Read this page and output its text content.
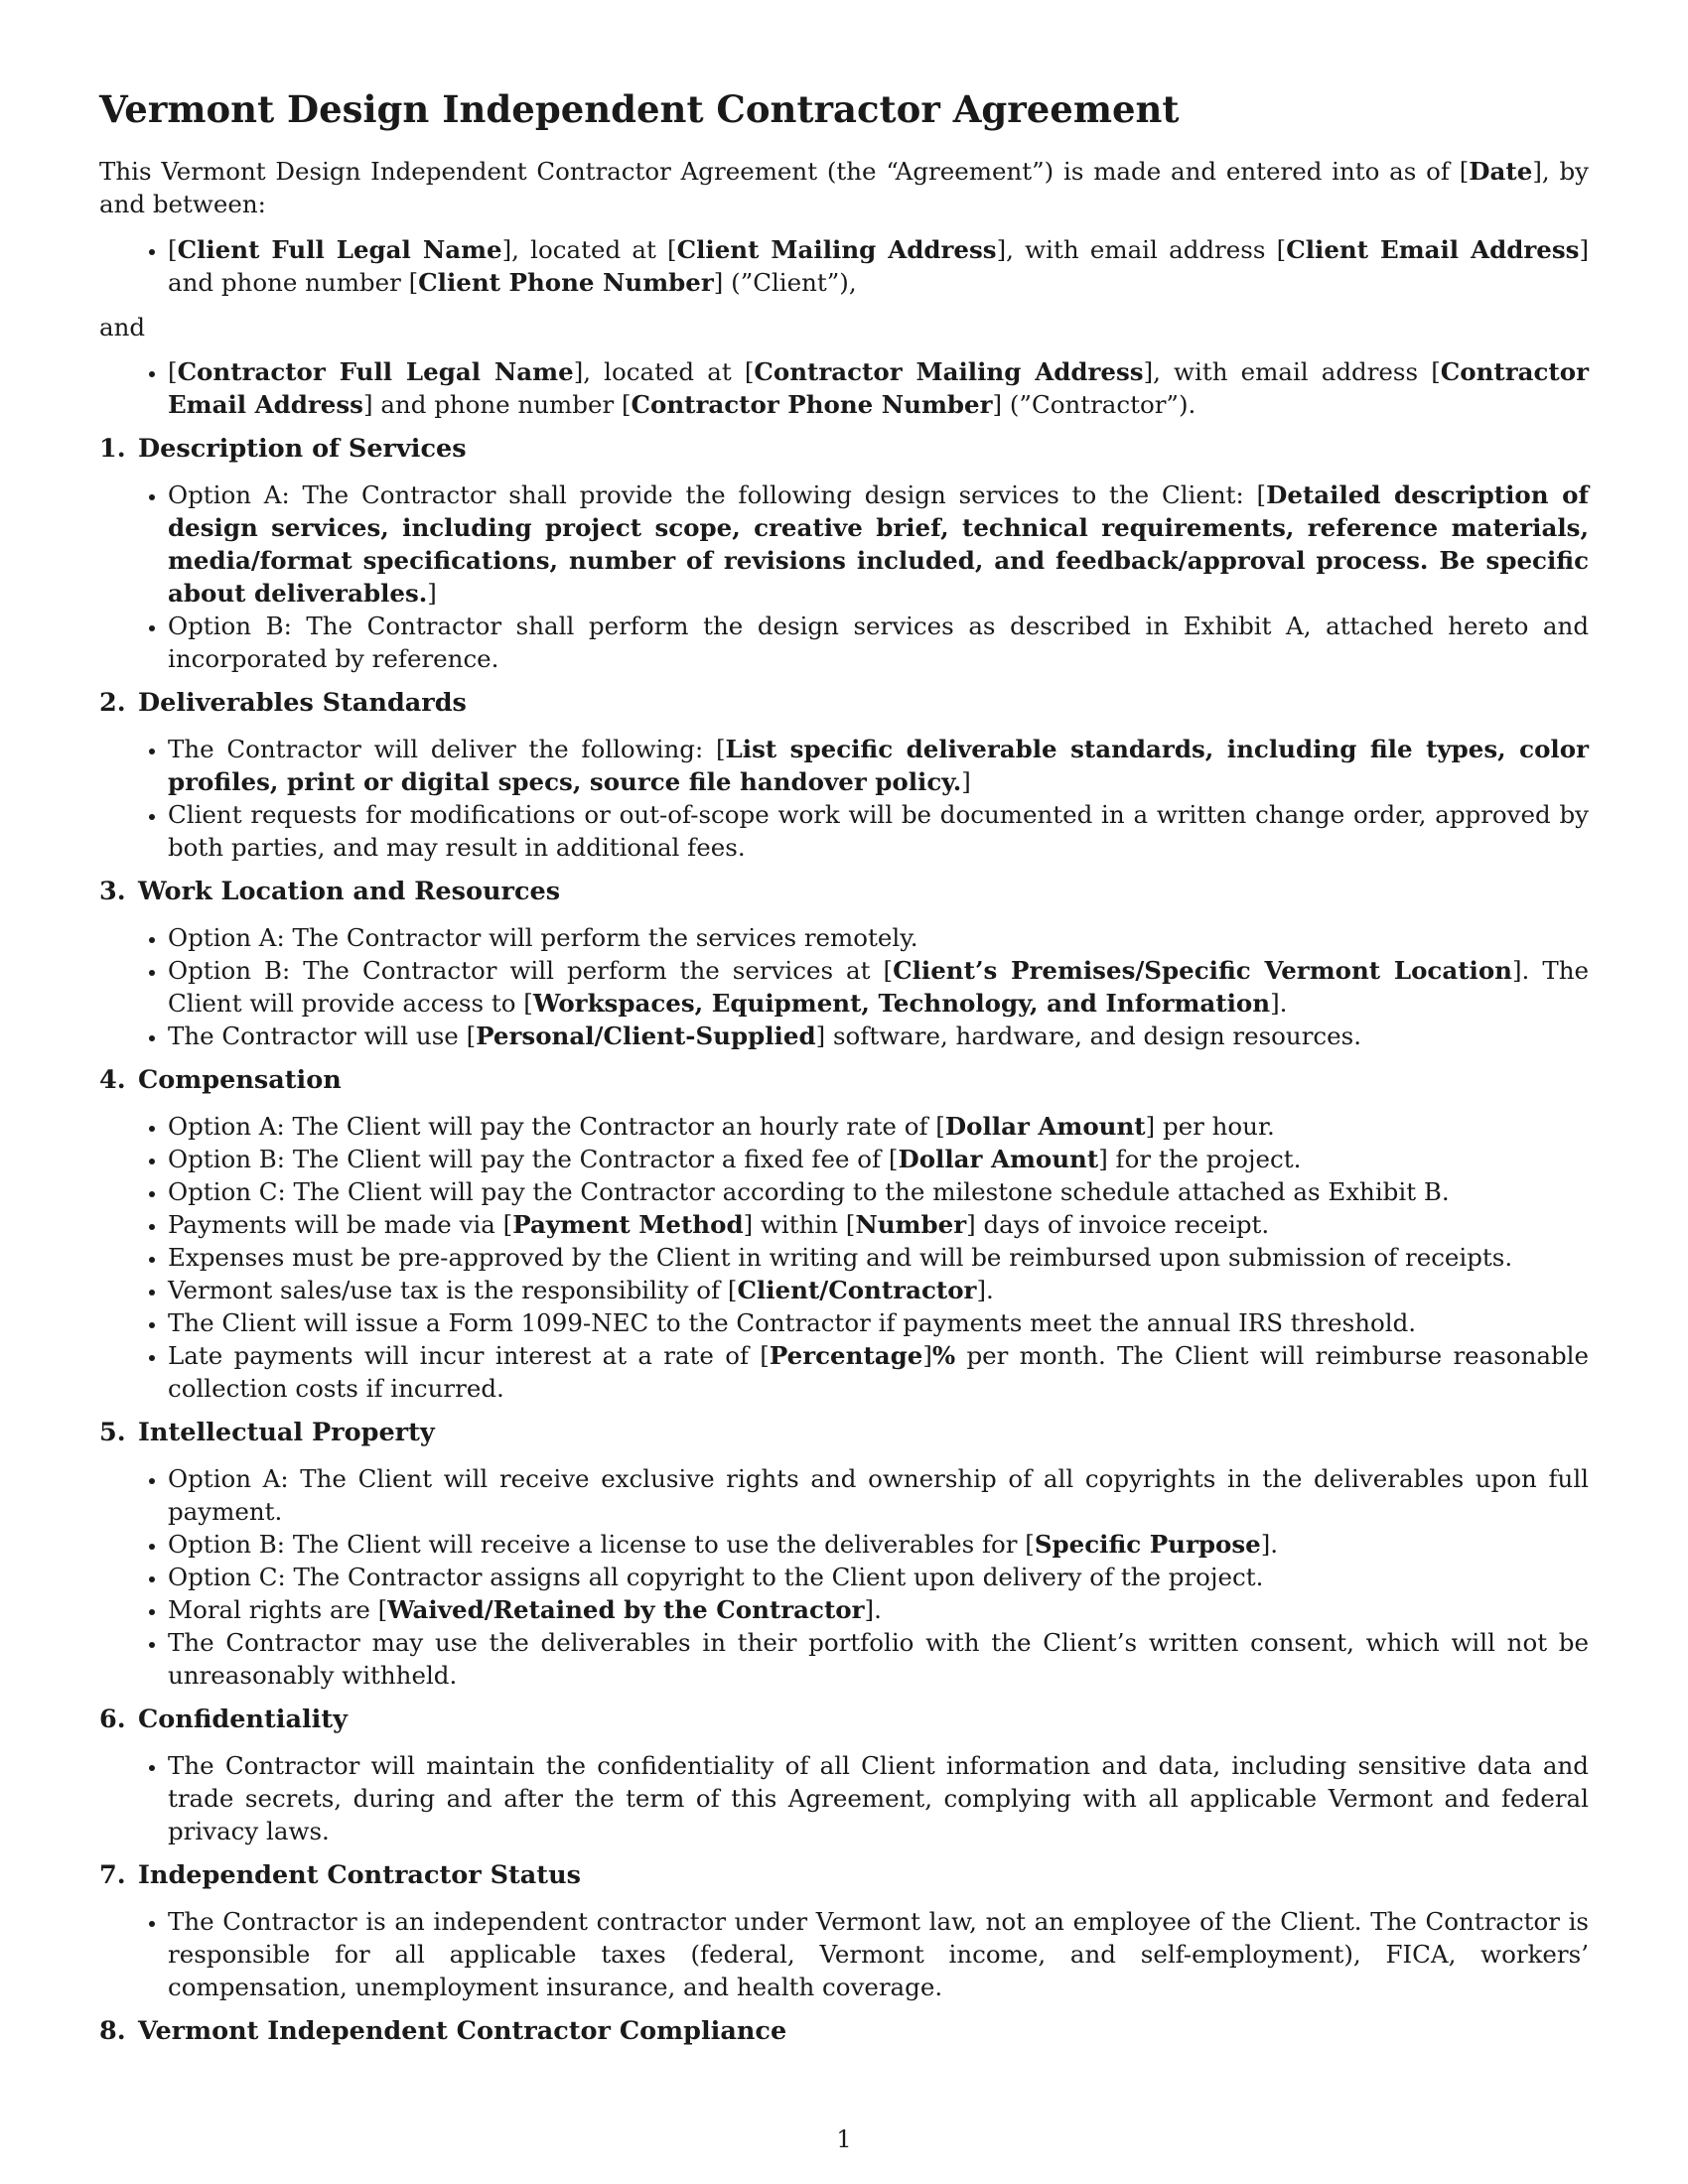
Vermont Design Independent Contractor Agreement

This Vermont Design Independent Contractor Agreement (the “Agreement”) is made and entered into as of [Date], by and between:

• [Client Full Legal Name], located at [Client Mailing Address], with email address [Client Email Address] and phone number [Client Phone Number] (”Client”),

and

• [Contractor Full Legal Name], located at [Contractor Mailing Address], with email address [Contractor Email Address] and phone number [Contractor Phone Number] (”Contractor”).
1. Description of Services
• Option A: The Contractor shall provide the following design services to the Client: [Detailed description of design services, including project scope, creative brief, technical requirements, reference materials, media/format specifications, number of revisions included, and feedback/approval process. Be specific about deliverables.]
• Option B: The Contractor shall perform the design services as described in Exhibit A, attached hereto and incorporated by reference.
2. Deliverables Standards
• The Contractor will deliver the following: [List specific deliverable standards, including file types, color profiles, print or digital specs, source file handover policy.]
• Client requests for modifications or out-of-scope work will be documented in a written change order, approved by both parties, and may result in additional fees.
3. Work Location and Resources
• Option A: The Contractor will perform the services remotely.
• Option B: The Contractor will perform the services at [Client’s Premises/Specific Vermont Location]. The Client will provide access to [Workspaces, Equipment, Technology, and Information].
• The Contractor will use [Personal/Client-Supplied] software, hardware, and design resources.
4. Compensation
• Option A: The Client will pay the Contractor an hourly rate of [Dollar Amount] per hour.
• Option B: The Client will pay the Contractor a fixed fee of [Dollar Amount] for the project.
• Option C: The Client will pay the Contractor according to the milestone schedule attached as Exhibit B.
• Payments will be made via [Payment Method] within [Number] days of invoice receipt.
• Expenses must be pre-approved by the Client in writing and will be reimbursed upon submission of receipts.
• Vermont sales/use tax is the responsibility of [Client/Contractor].
• The Client will issue a Form 1099-NEC to the Contractor if payments meet the annual IRS threshold.
• Late payments will incur interest at a rate of [Percentage]% per month. The Client will reimburse reasonable collection costs if incurred.
5. Intellectual Property
• Option A: The Client will receive exclusive rights and ownership of all copyrights in the deliverables upon full payment.
• Option B: The Client will receive a license to use the deliverables for [Specific Purpose].
• Option C: The Contractor assigns all copyright to the Client upon delivery of the project.
• Moral rights are [Waived/Retained by the Contractor].
• The Contractor may use the deliverables in their portfolio with the Client’s written consent, which will not be unreasonably withheld.
6. Confidentiality
• The Contractor will maintain the confidentiality of all Client information and data, including sensitive data and trade secrets, during and after the term of this Agreement, complying with all applicable Vermont and federal privacy laws.
7. Independent Contractor Status
• The Contractor is an independent contractor under Vermont law, not an employee of the Client. The Contractor is responsible for all applicable taxes (federal, Vermont income, and self-employment), FICA, workers’ compensation, unemployment insurance, and health coverage.
8. Vermont Independent Contractor Compliance
1
